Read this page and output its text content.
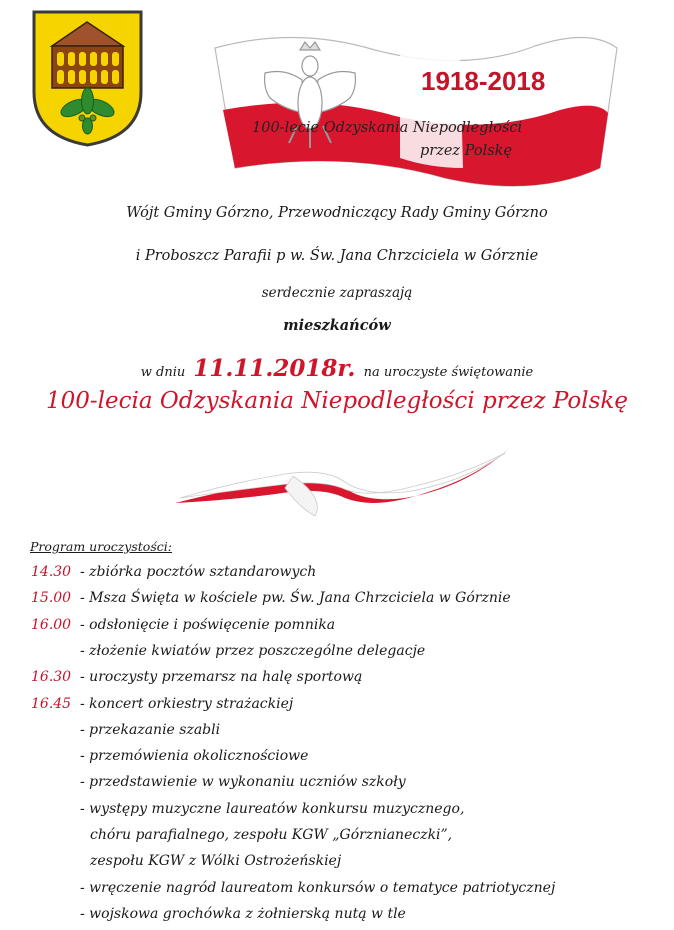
1918-2018
100-lecie Odzyskania Niepodległości
przez Polskę
Wójt Gminy Górzno, Przewodniczący Rady Gminy Górzno
i Proboszcz Parafii p w. Św. Jana Chrzciciela w Górznie
serdecznie zapraszają
mieszkańców
w dniu 11.11.2018r. na uroczyste świętowanie
100-lecia Odzyskania Niepodległości przez Polskę
Program uroczystości:
14.30 - zbiórka pocztów sztandarowych
15.00 - Msza Święta w kościele pw. Św. Jana Chrzciciela w Górznie
16.00 - odsłonięcie i poświęcenie pomnika
- złożenie kwiatów przez poszczególne delegacje
16.30 - uroczysty przemarsz na halę sportową
16.45 - koncert orkiestry strażackiej
- przekazanie szabli
- przemówienia okolicznościowe
- przedstawienie w wykonaniu uczniów szkoły
- występy muzyczne laureatów konkursu muzycznego,
chóru parafialnego, zespołu KGW „Górznianeczki”,
zespołu KGW z Wólki Ostrożeńskiej
- wręczenie nagród laureatom konkursów o tematyce patriotycznej
- wojskowa grochówka z żołnierską nutą w tle
